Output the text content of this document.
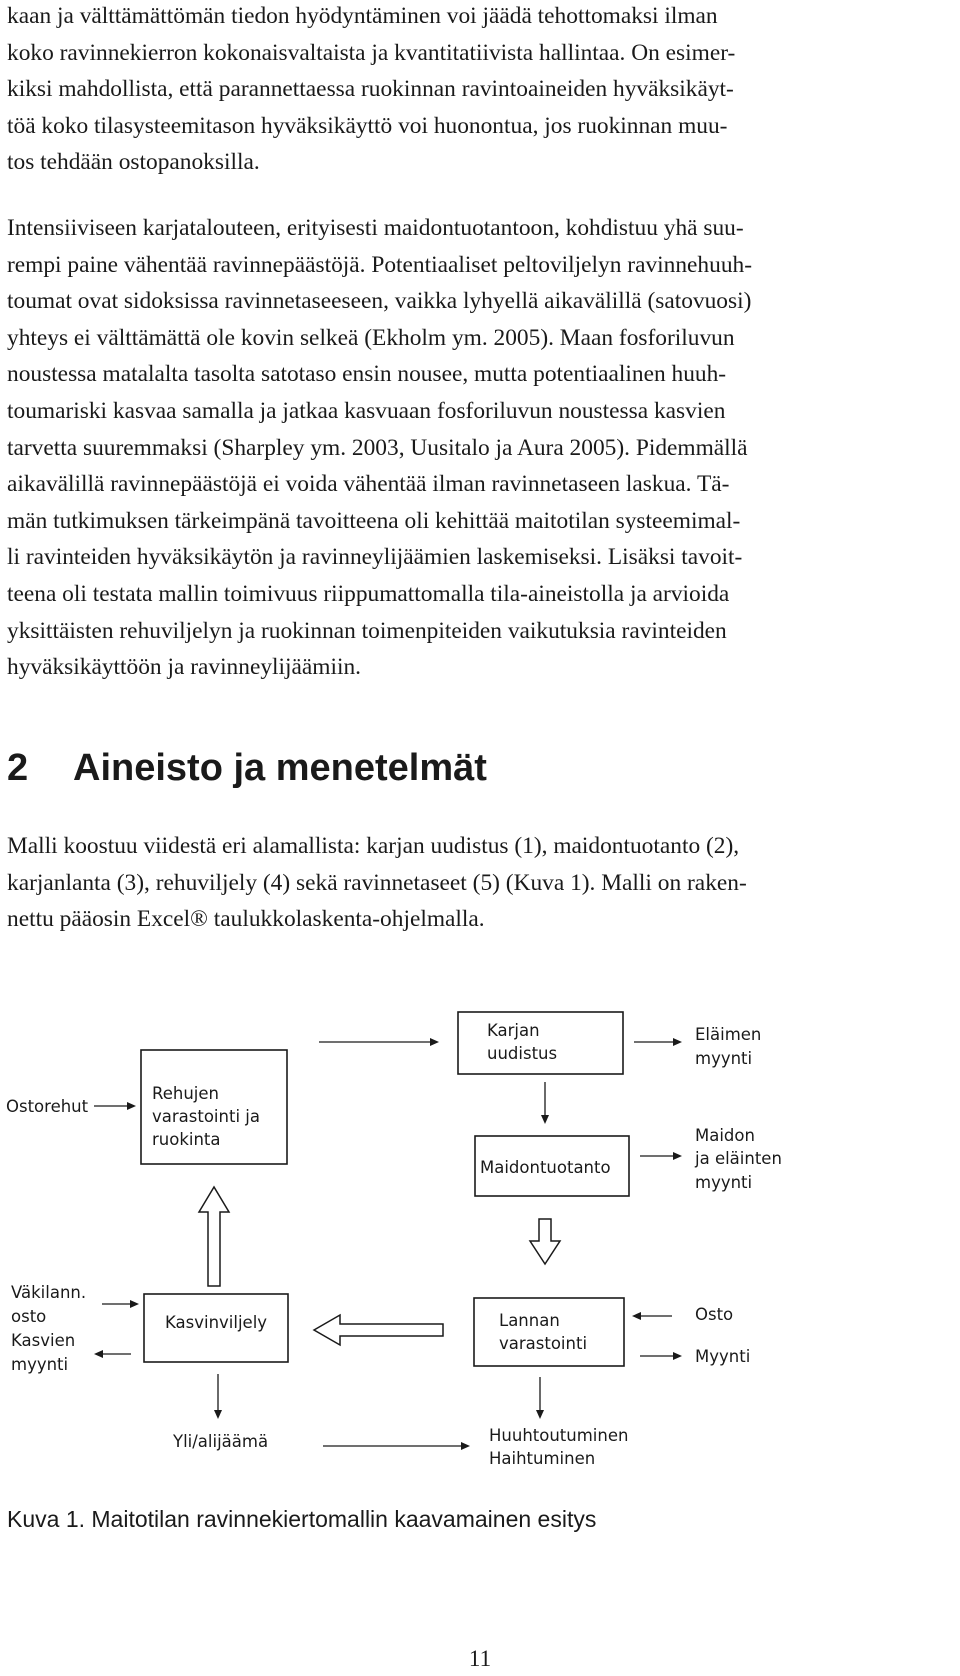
kaan ja välttämättömän tiedon hyödyntäminen voi jäädä tehottomaksi ilman
koko ravinnekierron kokonaisvaltaista ja kvantitatiivista hallintaa. On esimer-
kiksi mahdollista, että parannettaessa ruokinnan ravintoaineiden hyväksikäyt-
töä koko tilasysteemitason hyväksikäyttö voi huonontua, jos ruokinnan muu-
tos tehdään ostopanoksilla.

Intensiiviseen karjatalouteen, erityisesti maidontuotantoon, kohdistuu yhä suu-
rempi paine vähentää ravinnepäästöjä. Potentiaaliset peltoviljelyn ravinnehuuh-
toumat ovat sidoksissa ravinnetaseeseen, vaikka lyhyellä aikavälillä (satovuosi)
yhteys ei välttämättä ole kovin selkeä (Ekholm ym. 2005). Maan fosforiluvun
noustessa matalalta tasolta satotaso ensin nousee, mutta potentiaalinen huuh-
toumariski kasvaa samalla ja jatkaa kasvuaan fosforiluvun noustessa kasvien
tarvetta suuremmaksi (Sharpley ym. 2003, Uusitalo ja Aura 2005). Pidemmällä
aikavälillä ravinnepäästöjä ei voida vähentää ilman ravinnetaseen laskua. Tä-
män tutkimuksen tärkeimpänä tavoitteena oli kehittää maitotilan systeemimal-
li ravinteiden hyväksikäytön ja ravinneylijäämien laskemiseksi. Lisäksi tavoit-
teena oli testata mallin toimivuus riippumattomalla tila-aineistolla ja arvioida
yksittäisten rehuviljelyn ja ruokinnan toimenpiteiden vaikutuksia ravinteiden
hyväksikäyttöön ja ravinneylijäämiin.

2 Aineisto ja menetelmät

Malli koostuu viidestä eri alamallista: karjan uudistus (1), maidontuotanto (2),
karjanlanta (3), rehuviljely (4) sekä ravinnetaseet (5) (Kuva 1). Malli on raken-
nettu pääosin Excel® taulukkolaskenta-ohjelmalla.

Rehujen
varastointi ja
ruokinta
Karjan
uudistus
Maidontuotanto
Kasvinviljely	Lannan
varastointi
Ostorehut
Eläimen
myynti
Maidon
ja eläinten
myynti
Väkilann.
osto
Kasvien
myynti
Osto
Myynti
Yli/alijäämä	Huuhtoutuminen
Haihtuminen
Kuva 1. Maitotilan ravinnekiertomallin kaavamainen esitys
11
